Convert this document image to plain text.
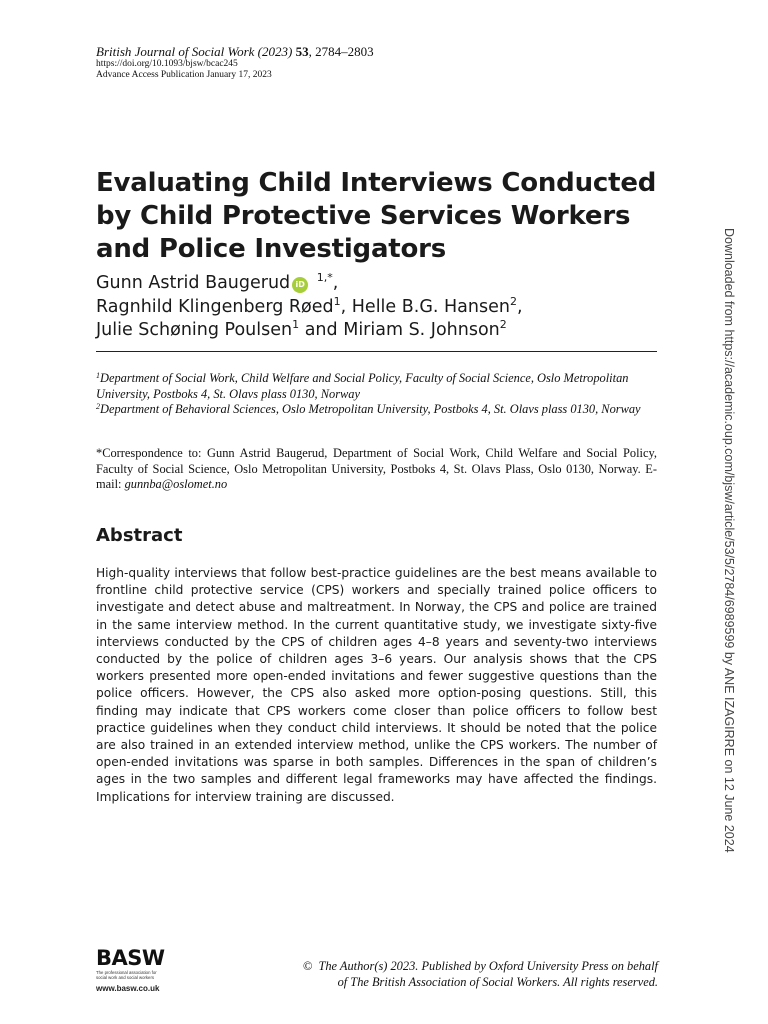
British Journal of Social Work (2023) 53, 2784–2803
https://doi.org/10.1093/bjsw/bcac245
Advance Access Publication January 17, 2023
Evaluating Child Interviews Conducted by Child Protective Services Workers and Police Investigators
Gunn Astrid Baugerud iD $^{1,*}$,
Ragnhild Klingenberg Røed$^1$, Helle B.G. Hansen$^2$,
Julie Schøning Poulsen$^1$ and Miriam S. Johnson$^2$
$^1$Department of Social Work, Child Welfare and Social Policy, Faculty of Social Science, Oslo Metropolitan University, Postboks 4, St. Olavs plass 0130, Norway
$^2$Department of Behavioral Sciences, Oslo Metropolitan University, Postboks 4, St. Olavs plass 0130, Norway
*Correspondence to: Gunn Astrid Baugerud, Department of Social Work, Child Welfare and Social Policy, Faculty of Social Science, Oslo Metropolitan University, Postboks 4, St. Olavs Plass, Oslo 0130, Norway. E-mail: gunnba@oslomet.no
Abstract
High-quality interviews that follow best-practice guidelines are the best means available to frontline child protective service (CPS) workers and specially trained police officers to investigate and detect abuse and maltreatment. In Norway, the CPS and police are trained in the same interview method. In the current quantitative study, we investigate sixty-five interviews conducted by the CPS of children ages 4–8 years and seventy-two interviews conducted by the police of children ages 3–6 years. Our analysis shows that the CPS workers presented more open-ended invitations and fewer suggestive questions than the police officers. However, the CPS also asked more option-posing questions. Still, this finding may indicate that CPS workers come closer than police officers to follow best practice guidelines when they conduct child interviews. It should be noted that the police are also trained in an extended interview method, unlike the CPS workers. The number of open-ended invitations was sparse in both samples. Differences in the span of children’s ages in the two samples and different legal frameworks may have affected the findings. Implications for interview training are discussed.	Downloaded from https://academic.oup.com/bjsw/article/53/5/2784/6989599 by ANE IZAGIRRE on 12 June 2024
BASW
The professional association for social work and social workers
www.basw.co.uk
© The Author(s) 2023. Published by Oxford University Press on behalf
of The British Association of Social Workers. All rights reserved.
